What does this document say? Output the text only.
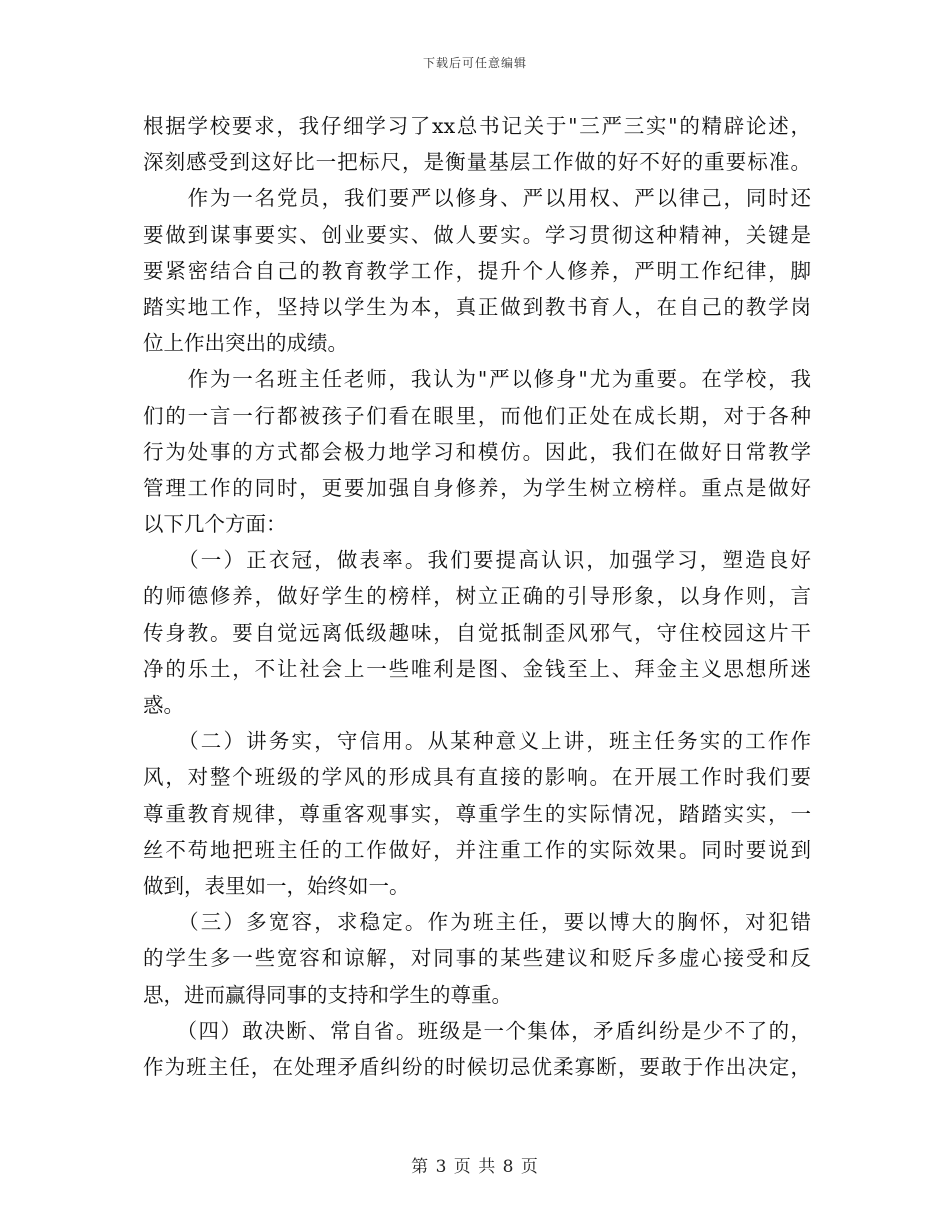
下载后可任意编辑
根据学校要求，我仔细学习了xx总书记关于"三严三实"的精辟论述，
深刻感受到这好比一把标尺，是衡量基层工作做的好不好的重要标准。
　　作为一名党员，我们要严以修身、严以用权、严以律己，同时还
要做到谋事要实、创业要实、做人要实。学习贯彻这种精神，关键是
要紧密结合自己的教育教学工作，提升个人修养，严明工作纪律，脚
踏实地工作，坚持以学生为本，真正做到教书育人，在自己的教学岗
位上作出突出的成绩。
　　作为一名班主任老师，我认为"严以修身"尤为重要。在学校，我
们的一言一行都被孩子们看在眼里，而他们正处在成长期，对于各种
行为处事的方式都会极力地学习和模仿。因此，我们在做好日常教学
管理工作的同时，更要加强自身修养，为学生树立榜样。重点是做好
以下几个方面：
　　（一）正衣冠，做表率。我们要提高认识，加强学习，塑造良好
的师德修养，做好学生的榜样，树立正确的引导形象，以身作则，言
传身教。要自觉远离低级趣味，自觉抵制歪风邪气，守住校园这片干
净的乐土，不让社会上一些唯利是图、金钱至上、拜金主义思想所迷
惑。
　　（二）讲务实，守信用。从某种意义上讲，班主任务实的工作作
风，对整个班级的学风的形成具有直接的影响。在开展工作时我们要
尊重教育规律，尊重客观事实，尊重学生的实际情况，踏踏实实，一
丝不苟地把班主任的工作做好，并注重工作的实际效果。同时要说到
做到，表里如一，始终如一。
　　（三）多宽容，求稳定。作为班主任，要以博大的胸怀，对犯错
的学生多一些宽容和谅解，对同事的某些建议和贬斥多虚心接受和反
思，进而赢得同事的支持和学生的尊重。
　　（四）敢决断、常自省。班级是一个集体，矛盾纠纷是少不了的，
作为班主任，在处理矛盾纠纷的时候切忌优柔寡断，要敢于作出决定，
第 3 页 共 8 页
